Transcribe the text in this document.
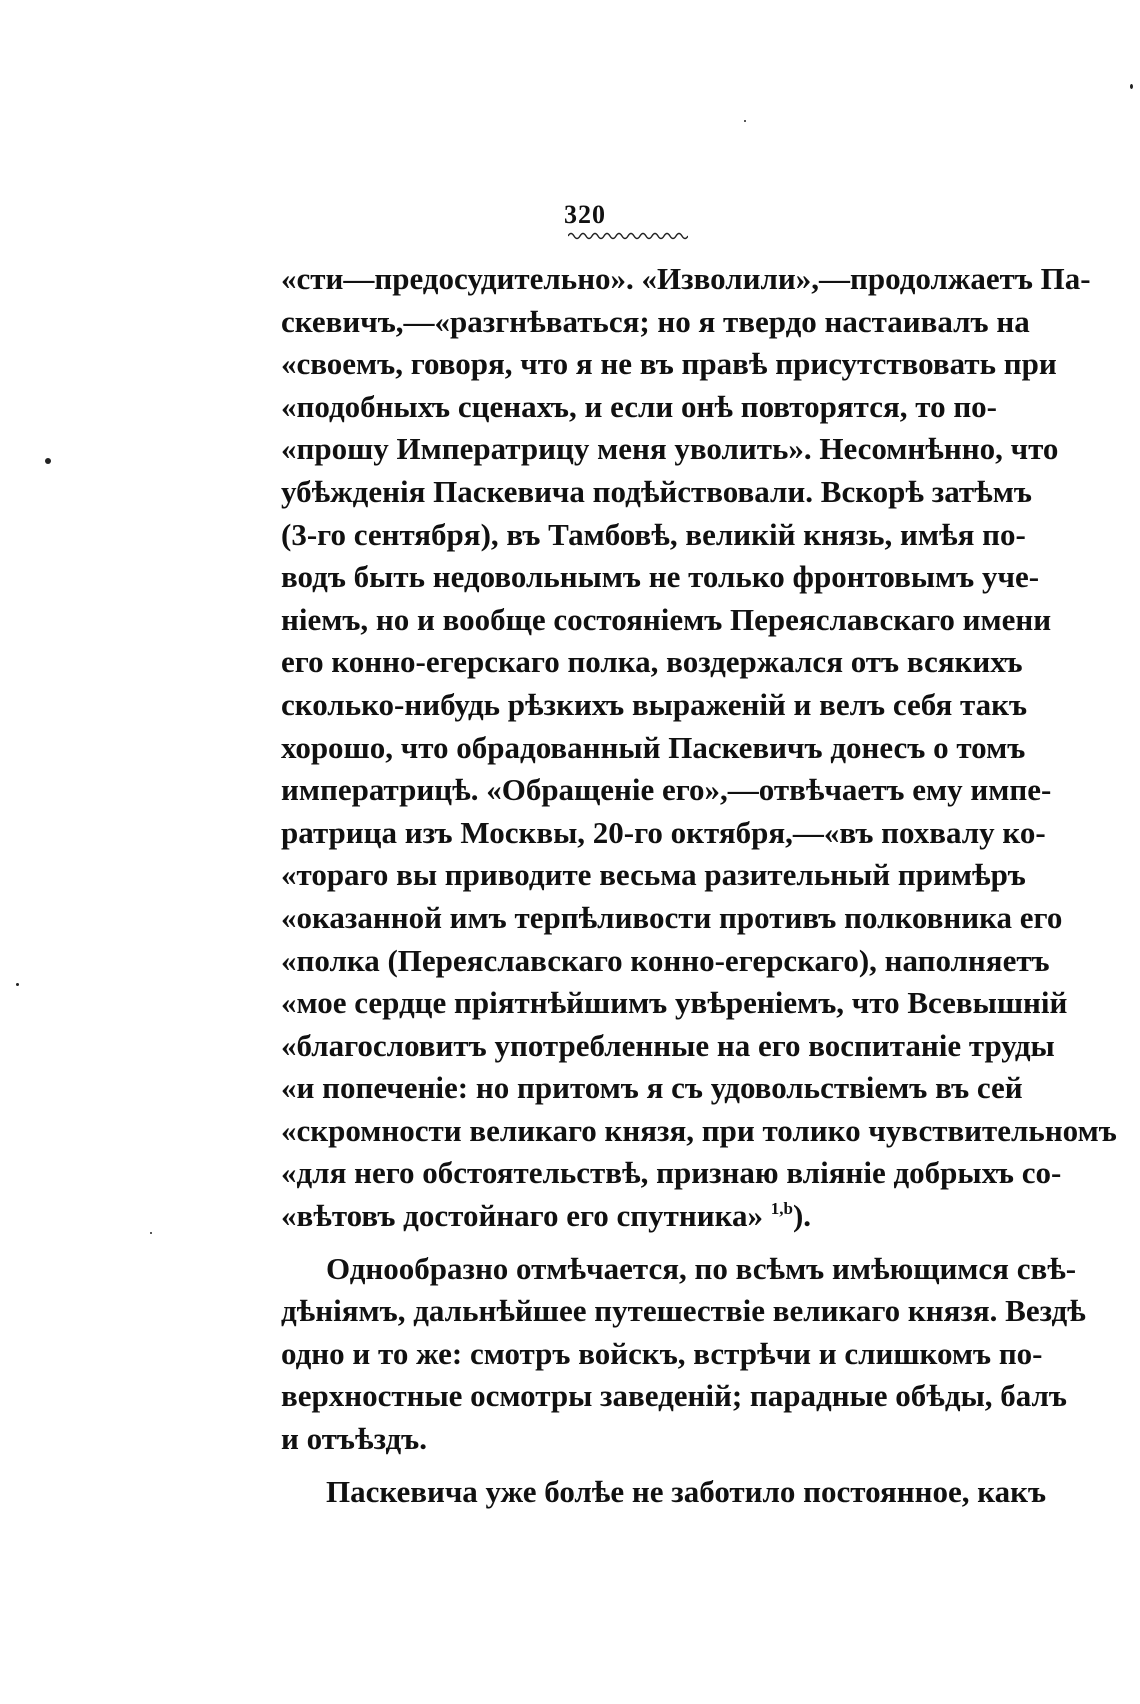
320
«сти—предосудительно». «Изволили»,—продолжаетъ Па-
скевичъ,—«разгнѣваться; но я твердо настаивалъ на
«своемъ, говоря, что я не въ правѣ присутствовать при
«подобныхъ сценахъ, и если онѣ повторятся, то по-
«прошу Императрицу меня уволить». Несомнѣнно, что
убѣжденія Паскевича подѣйствовали. Вскорѣ затѣмъ
(3-го сентября), въ Тамбовѣ, великій князь, имѣя по-
водъ быть недовольнымъ не только фронтовымъ уче-
ніемъ, но и вообще состояніемъ Переяславскаго имени
его конно-егерскаго полка, воздержался отъ всякихъ
сколько-нибудь рѣзкихъ выраженій и велъ себя такъ
хорошо, что обрадованный Паскевичъ донесъ о томъ
императрицѣ. «Обращеніе его»,—отвѣчаетъ ему импе-
ратрица изъ Москвы, 20-го октября,—«въ похвалу ко-
«тораго вы приводите весьма разительный примѣръ
«оказанной имъ терпѣливости противъ полковника его
«полка (Переяславскаго конно-егерскаго), наполняетъ
«мое сердце пріятнѣйшимъ увѣреніемъ, что Всевышній
«благословитъ употребленные на его воспитаніе труды
«и попеченіе: но притомъ я съ удовольствіемъ въ сей
«скромности великаго князя, при толико чувствительномъ
«для него обстоятельствѣ, признаю вліяніе добрыхъ со-
«вѣтовъ достойнаго его спутника» $^{1,b}$).
Однообразно отмѣчается, по всѣмъ имѣющимся свѣ-
дѣніямъ, дальнѣйшее путешествіе великаго князя. Вездѣ
одно и то же: смотръ войскъ, встрѣчи и слишкомъ по-
верхностные осмотры заведеній; парадные обѣды, балъ
и отъѣздъ.
Паскевича уже болѣе не заботило постоянное, какъ
